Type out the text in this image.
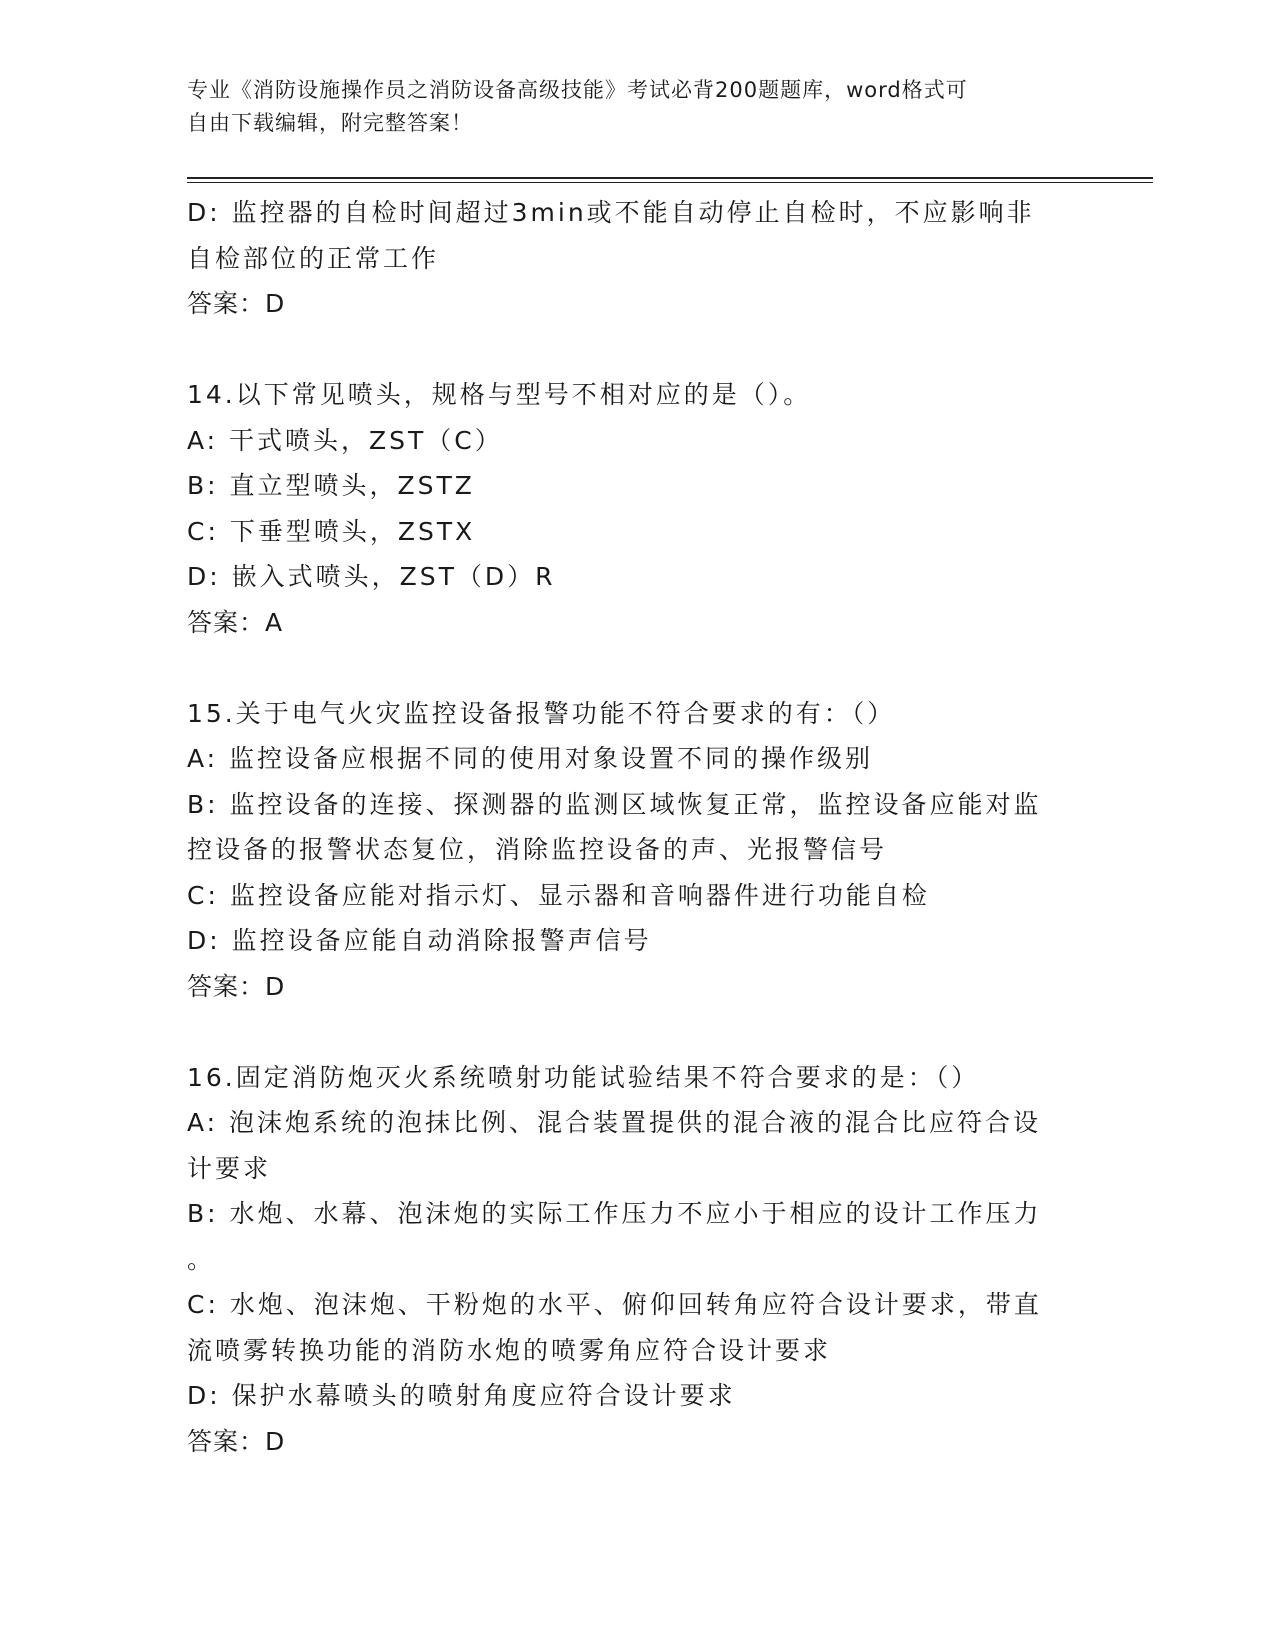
专业《消防设施操作员之消防设备高级技能》考试必背200题题库，word格式可
自由下载编辑，附完整答案！
D: 监控器的自检时间超过3min或不能自动停止自检时，不应影响非
自检部位的正常工作
答案：D
14.以下常见喷头，规格与型号不相对应的是（）。
A: 干式喷头，ZST（C）
B: 直立型喷头，ZSTZ
C: 下垂型喷头，ZSTX
D: 嵌入式喷头，ZST（D）R
答案：A
15.关于电气火灾监控设备报警功能不符合要求的有：（）
A: 监控设备应根据不同的使用对象设置不同的操作级别
B: 监控设备的连接、探测器的监测区域恢复正常，监控设备应能对监
控设备的报警状态复位，消除监控设备的声、光报警信号
C: 监控设备应能对指示灯、显示器和音响器件进行功能自检
D: 监控设备应能自动消除报警声信号
答案：D
16.固定消防炮灭火系统喷射功能试验结果不符合要求的是：（）
A: 泡沫炮系统的泡抹比例、混合装置提供的混合液的混合比应符合设
计要求
B: 水炮、水幕、泡沫炮的实际工作压力不应小于相应的设计工作压力
。
C: 水炮、泡沫炮、干粉炮的水平、俯仰回转角应符合设计要求，带直
流喷雾转换功能的消防水炮的喷雾角应符合设计要求
D: 保护水幕喷头的喷射角度应符合设计要求
答案：D
